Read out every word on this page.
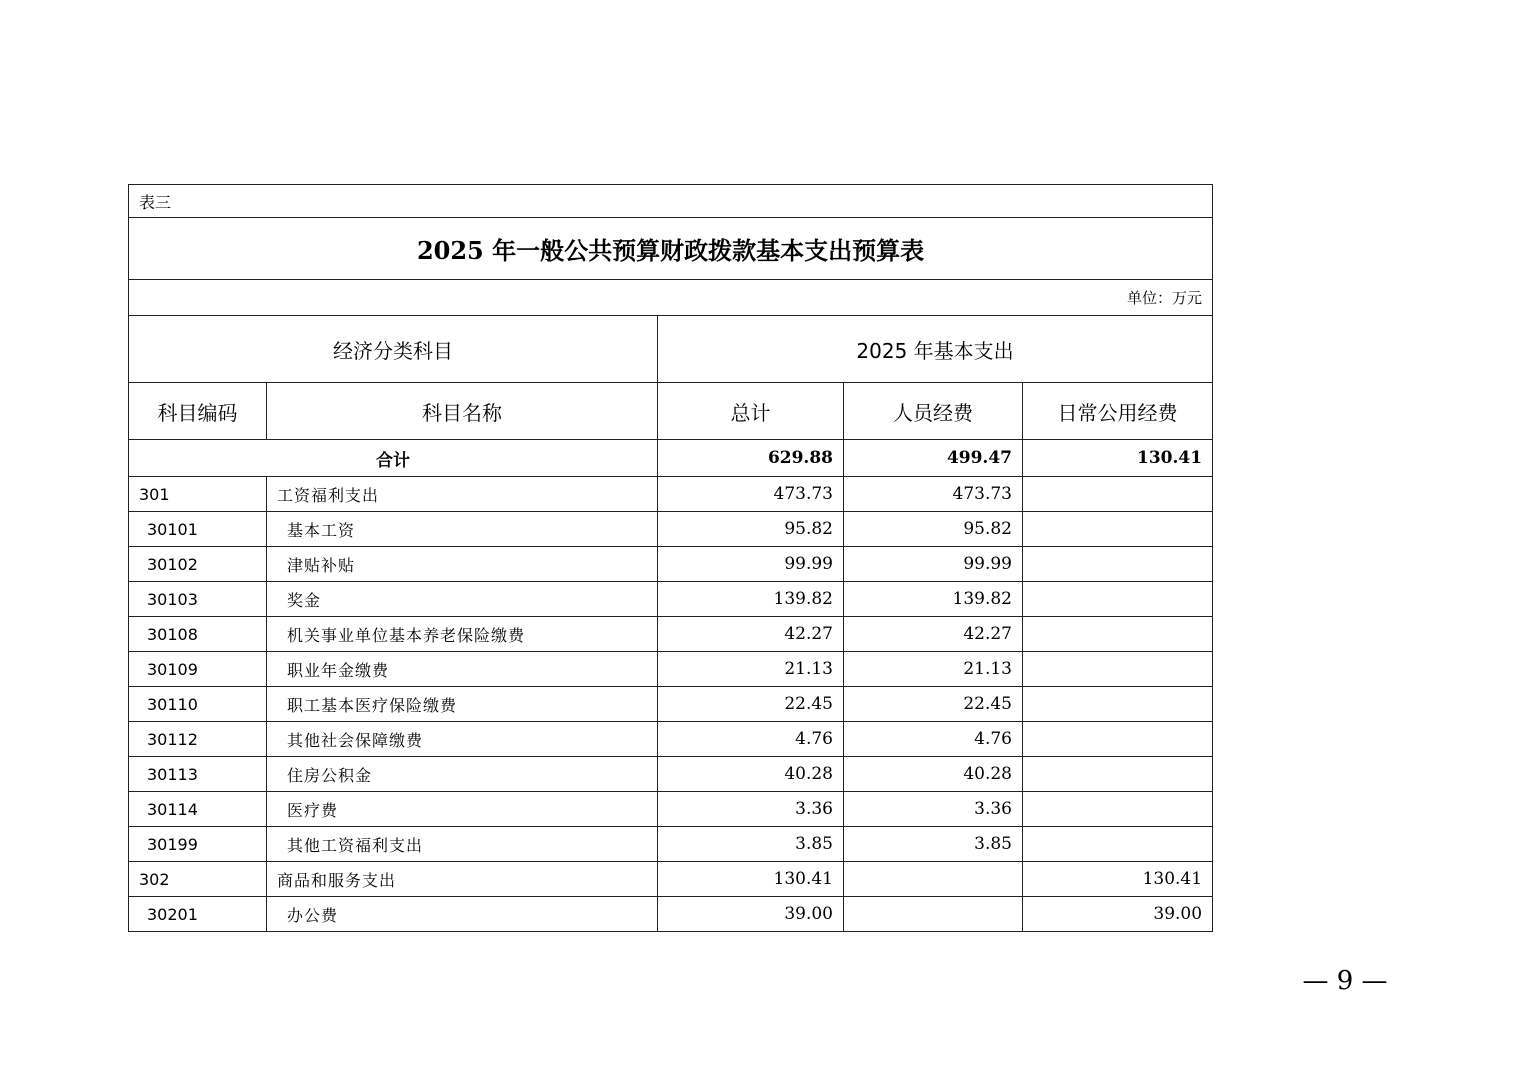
表三				
2025 年一般公共预算财政拨款基本支出预算表				
单位：万元				
经济分类科目		2025 年基本支出		
科目编码	科目名称	总计	人员经费	日常公用经费
合计		629.88	499.47	130.41
301	工资福利支出	473.73	473.73	
30101	基本工资	95.82	95.82	
30102	津贴补贴	99.99	99.99	
30103	奖金	139.82	139.82	
30108	机关事业单位基本养老保险缴费	42.27	42.27	
30109	职业年金缴费	21.13	21.13	
30110	职工基本医疗保险缴费	22.45	22.45	
30112	其他社会保障缴费	4.76	4.76	
30113	住房公积金	40.28	40.28	
30114	医疗费	3.36	3.36	
30199	其他工资福利支出	3.85	3.85	
302	商品和服务支出	130.41		130.41
30201	办公费	39.00		39.00
— 9 —
